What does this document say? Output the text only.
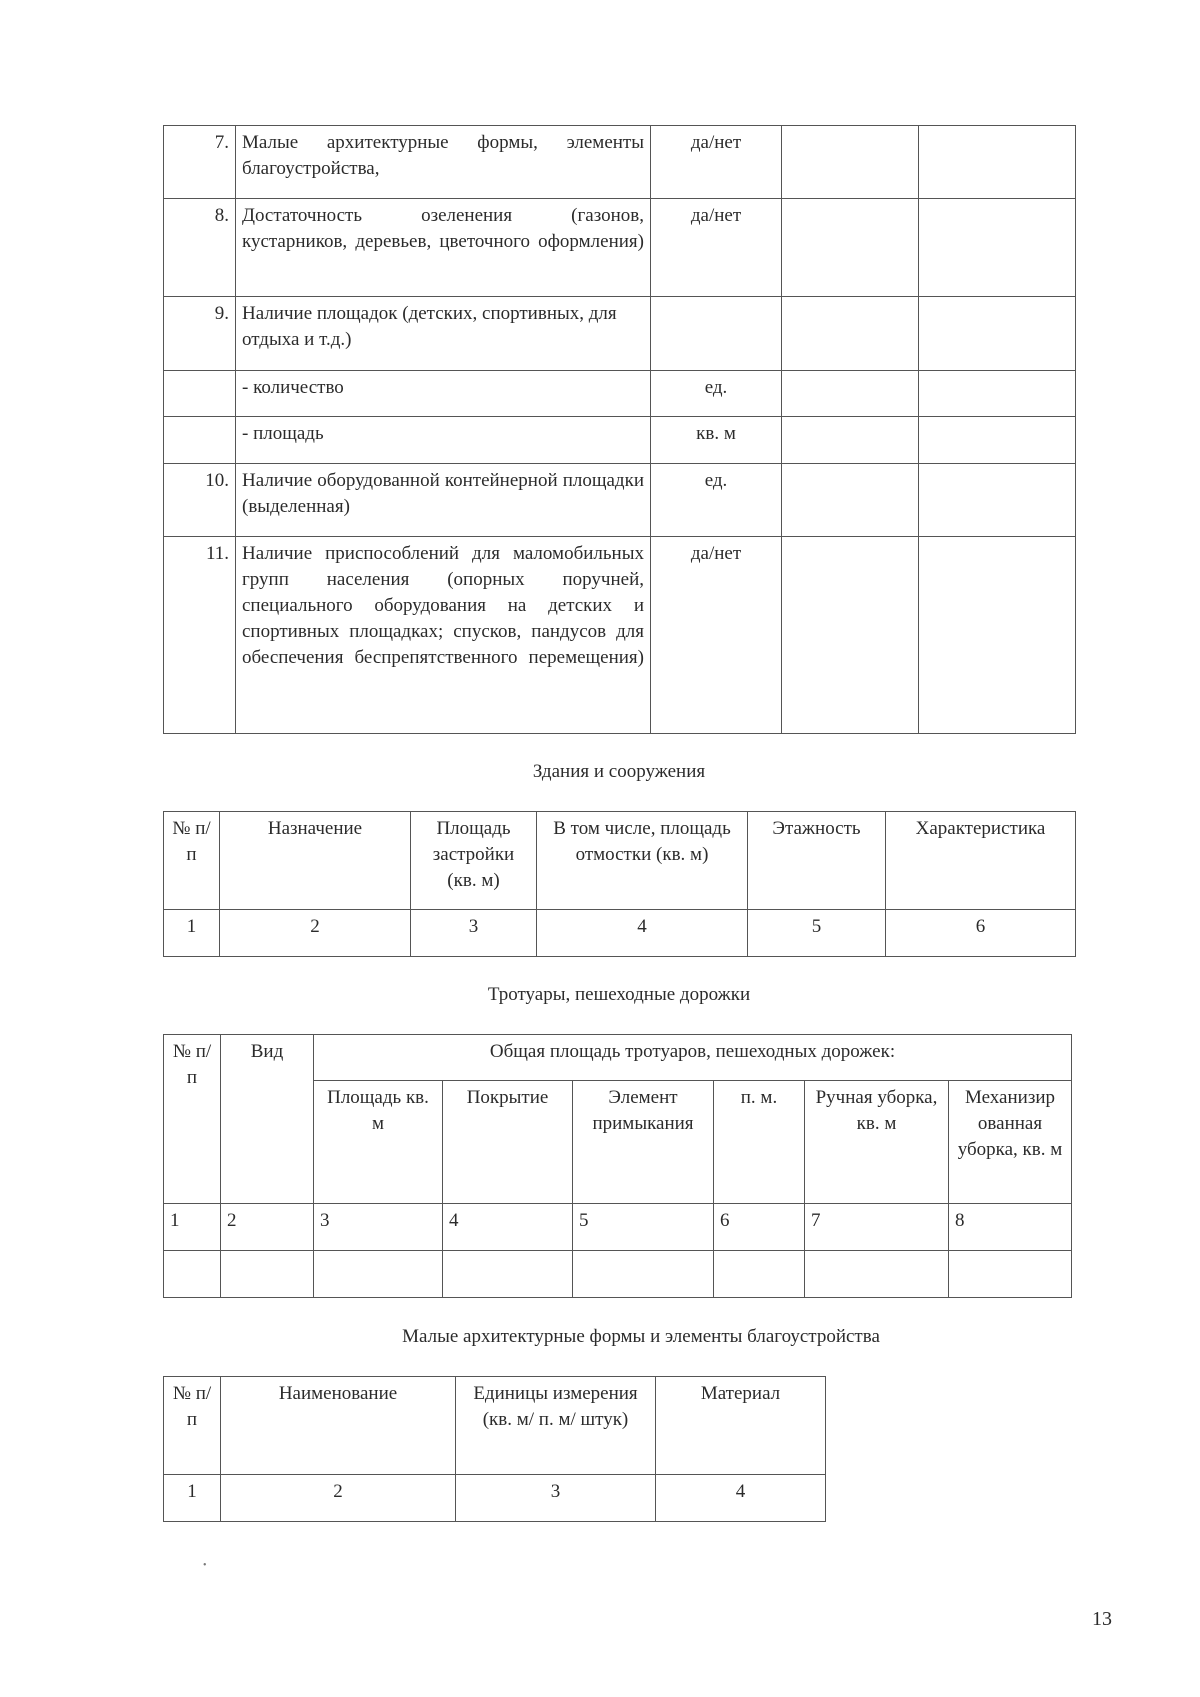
7.	Малые архитектурные формы, элементы благоустройства,	да/нет		
8.	Достаточность озеленения (газонов, кустарников, деревьев, цветочного оформления)	да/нет		
9.	Наличие площадок (детских, спортивных, для отдыха и т.д.)			
	- количество	ед.		
	- площадь	кв. м		
10.	Наличие оборудованной контейнерной площадки (выделенная)	ед.		
11.	Наличие приспособлений для маломобильных групп населения (опорных поручней, специального оборудования на детских и спортивных площадках; спусков, пандусов для обеспечения беспрепятственного перемещения)	да/нет		
Здания и сооружения
№ п/п	Назначение	Площадь застройки (кв. м)	В том числе, площадь отмостки (кв. м)	Этажность	Характеристика
1	2	3	4	5	6
Тротуары, пешеходные дорожки
№ п/п	Вид	Общая площадь тротуаров, пешеходных дорожек:					
		Площадь кв. м	Покрытие	Элемент примыкания	п. м.	Ручная уборка, кв. м	Механизир ованная уборка, кв. м
1	2	3	4	5	6	7	8

Малые архитектурные формы и элементы благоустройства
№ п/п	Наименование	Единицы измерения (кв. м/ п. м/ штук)	Материал
1	2	3	4
•
13
